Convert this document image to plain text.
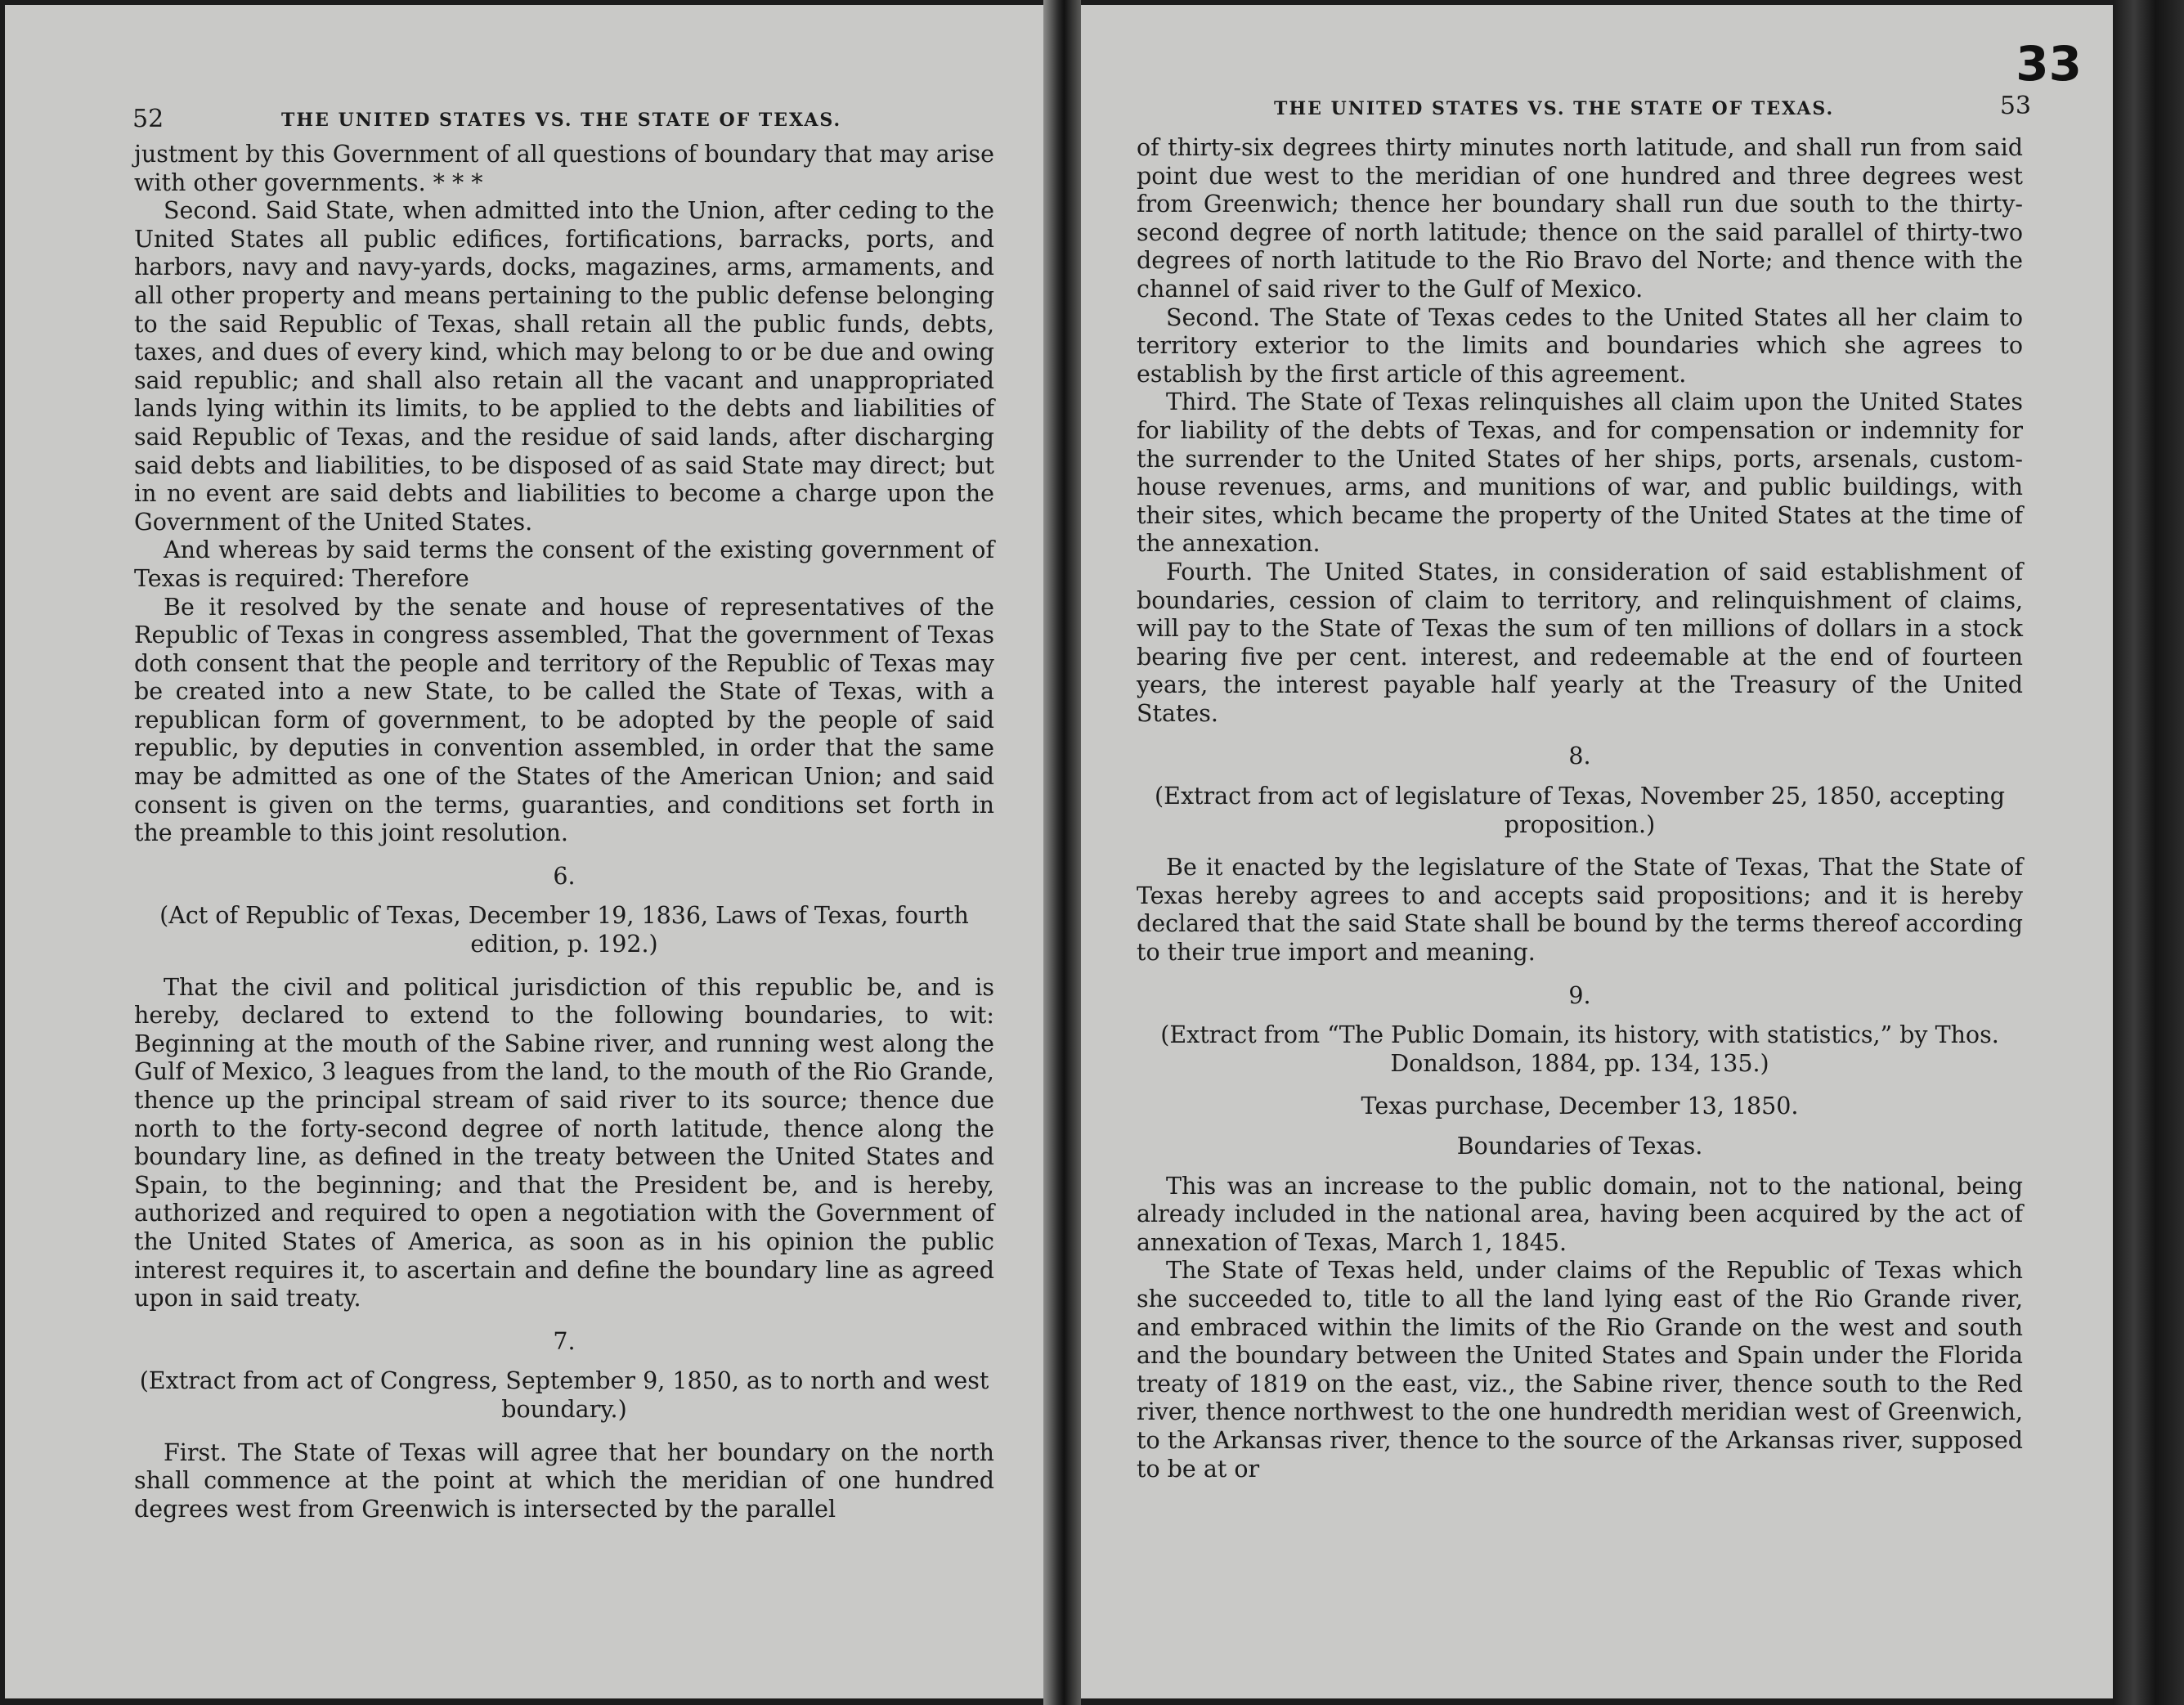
52	THE UNITED STATES VS. THE STATE OF TEXAS.

justment by this Government of all questions of boundary that may arise with other governments. * * *

Second. Said State, when admitted into the Union, after ceding to the United States all public edifices, fortifications, barracks, ports, and harbors, navy and navy-yards, docks, magazines, arms, armaments, and all other property and means pertaining to the public defense belonging to the said Republic of Texas, shall retain all the public funds, debts, taxes, and dues of every kind, which may belong to or be due and owing said republic; and shall also retain all the vacant and unappropriated lands lying within its limits, to be applied to the debts and liabilities of said Republic of Texas, and the residue of said lands, after discharging said debts and liabilities, to be disposed of as said State may direct; but in no event are said debts and liabilities to become a charge upon the Government of the United States.

And whereas by said terms the consent of the existing government of Texas is required: Therefore

Be it resolved by the senate and house of representatives of the Republic of Texas in congress assembled, That the government of Texas doth consent that the people and territory of the Republic of Texas may be created into a new State, to be called the State of Texas, with a republican form of government, to be adopted by the people of said republic, by deputies in convention assembled, in order that the same may be admitted as one of the States of the American Union; and said consent is given on the terms, guaranties, and conditions set forth in the preamble to this joint resolution.

6.

(Act of Republic of Texas, December 19, 1836, Laws of Texas, fourth edition, p. 192.)

That the civil and political jurisdiction of this republic be, and is hereby, declared to extend to the following boundaries, to wit: Beginning at the mouth of the Sabine river, and running west along the Gulf of Mexico, 3 leagues from the land, to the mouth of the Rio Grande, thence up the principal stream of said river to its source; thence due north to the forty-second degree of north latitude, thence along the boundary line, as defined in the treaty between the United States and Spain, to the beginning; and that the President be, and is hereby, authorized and required to open a negotiation with the Government of the United States of America, as soon as in his opinion the public interest requires it, to ascertain and define the boundary line as agreed upon in said treaty.

7.

(Extract from act of Congress, September 9, 1850, as to north and west boundary.)

First. The State of Texas will agree that her boundary on the north shall commence at the point at which the meridian of one hundred degrees west from Greenwich is intersected by the parallel

33
THE UNITED STATES VS. THE STATE OF TEXAS.	53

of thirty-six degrees thirty minutes north latitude, and shall run from said point due west to the meridian of one hundred and three degrees west from Greenwich; thence her boundary shall run due south to the thirty-second degree of north latitude; thence on the said parallel of thirty-two degrees of north latitude to the Rio Bravo del Norte; and thence with the channel of said river to the Gulf of Mexico.

Second. The State of Texas cedes to the United States all her claim to territory exterior to the limits and boundaries which she agrees to establish by the first article of this agreement.

Third. The State of Texas relinquishes all claim upon the United States for liability of the debts of Texas, and for compensation or indemnity for the surrender to the United States of her ships, ports, arsenals, custom-house revenues, arms, and munitions of war, and public buildings, with their sites, which became the property of the United States at the time of the annexation.

Fourth. The United States, in consideration of said establishment of boundaries, cession of claim to territory, and relinquishment of claims, will pay to the State of Texas the sum of ten millions of dollars in a stock bearing five per cent. interest, and redeemable at the end of fourteen years, the interest payable half yearly at the Treasury of the United States.

8.

(Extract from act of legislature of Texas, November 25, 1850, accepting proposition.)

Be it enacted by the legislature of the State of Texas, That the State of Texas hereby agrees to and accepts said propositions; and it is hereby declared that the said State shall be bound by the terms thereof according to their true import and meaning.

9.

(Extract from “The Public Domain, its history, with statistics,” by Thos. Donaldson, 1884, pp. 134, 135.)

Texas purchase, December 13, 1850.

Boundaries of Texas.

This was an increase to the public domain, not to the national, being already included in the national area, having been acquired by the act of annexation of Texas, March 1, 1845.

The State of Texas held, under claims of the Republic of Texas which she succeeded to, title to all the land lying east of the Rio Grande river, and embraced within the limits of the Rio Grande on the west and south and the boundary between the United States and Spain under the Florida treaty of 1819 on the east, viz., the Sabine river, thence south to the Red river, thence northwest to the one hundredth meridian west of Greenwich, to the Arkansas river, thence to the source of the Arkansas river, supposed to be at or
